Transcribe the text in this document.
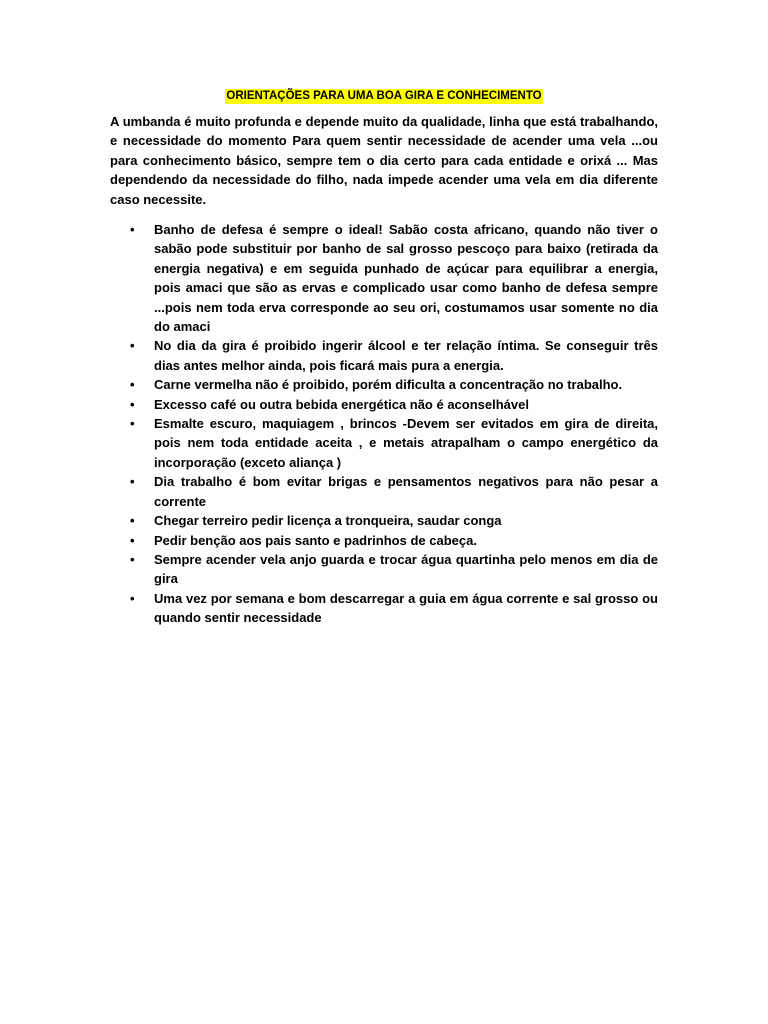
ORIENTAÇÕES PARA UMA BOA GIRA E CONHECIMENTO

A umbanda é muito profunda e depende muito da qualidade, linha que está trabalhando, e necessidade do momento Para quem sentir necessidade de acender uma vela ...ou para conhecimento básico, sempre tem o dia certo para cada entidade e orixá ... Mas dependendo da necessidade do filho, nada impede acender uma vela em dia diferente caso necessite.

• Banho de defesa é sempre o ideal! Sabão costa africano, quando não tiver o sabão pode substituir por banho de sal grosso pescoço para baixo (retirada da energia negativa) e em seguida punhado de açúcar para equilibrar a energia, pois amaci que são as ervas e complicado usar como banho de defesa sempre ...pois nem toda erva corresponde ao seu ori, costumamos usar somente no dia do amaci
• No dia da gira é proibido ingerir álcool e ter relação íntima. Se conseguir três dias antes melhor ainda, pois ficará mais pura a energia.
• Carne vermelha não é proibido, porém dificulta a concentração no trabalho.
• Excesso café ou outra bebida energética não é aconselhável
• Esmalte escuro, maquiagem , brincos -Devem ser evitados em gira de direita, pois nem toda entidade aceita , e metais atrapalham o campo energético da incorporação (exceto aliança )
• Dia trabalho é bom evitar brigas e pensamentos negativos para não pesar a corrente
• Chegar terreiro pedir licença a tronqueira, saudar conga
• Pedir benção aos pais santo e padrinhos de cabeça.
• Sempre acender vela anjo guarda e trocar água quartinha pelo menos em dia de gira
• Uma vez por semana e bom descarregar a guia em água corrente e sal grosso ou quando sentir necessidade
